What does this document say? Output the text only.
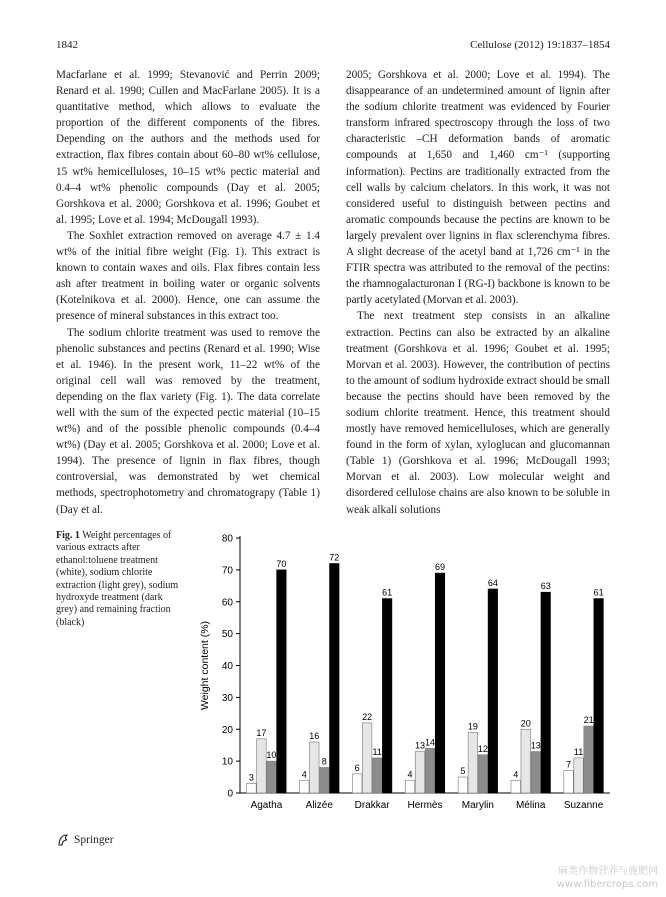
1842	Cellulose (2012) 19:1837–1854

Macfarlane et al. 1999; Stevanović and Perrin 2009; Renard et al. 1990; Cullen and MacFarlane 2005). It is a quantitative method, which allows to evaluate the proportion of the different components of the fibres. Depending on the authors and the methods used for extraction, flax fibres contain about 60–80 wt% cellulose, 15 wt% hemicelluloses, 10–15 wt% pectic material and 0.4–4 wt% phenolic compounds (Day et al. 2005; Gorshkova et al. 2000; Gorshkova et al. 1996; Goubet et al. 1995; Love et al. 1994; McDougall 1993).

The Soxhlet extraction removed on average 4.7 ± 1.4 wt% of the initial fibre weight (Fig. 1). This extract is known to contain waxes and oils. Flax fibres contain less ash after treatment in boiling water or organic solvents (Kotelnikova et al. 2000). Hence, one can assume the presence of mineral substances in this extract too.

The sodium chlorite treatment was used to remove the phenolic substances and pectins (Renard et al. 1990; Wise et al. 1946). In the present work, 11–22 wt% of the original cell wall was removed by the treatment, depending on the flax variety (Fig. 1). The data correlate well with the sum of the expected pectic material (10–15 wt%) and of the possible phenolic compounds (0.4–4 wt%) (Day et al. 2005; Gorshkova et al. 2000; Love et al. 1994). The presence of lignin in flax fibres, though controversial, was demonstrated by wet chemical methods, spectrophotometry and chromatograpy (Table 1) (Day et al.

2005; Gorshkova et al. 2000; Love et al. 1994). The disappearance of an undetermined amount of lignin after the sodium chlorite treatment was evidenced by Fourier transform infrared spectroscopy through the loss of two characteristic –CH deformation bands of aromatic compounds at 1,650 and 1,460 cm⁻¹ (supporting information). Pectins are traditionally extracted from the cell walls by calcium chelators. In this work, it was not considered useful to distinguish between pectins and aromatic compounds because the pectins are known to be largely prevalent over lignins in flax sclerenchyma fibres. A slight decrease of the acetyl band at 1,726 cm⁻¹ in the FTIR spectra was attributed to the removal of the pectins: the rhamnogalacturonan I (RG-I) backbone is known to be partly acetylated (Morvan et al. 2003).

The next treatment step consists in an alkaline extraction. Pectins can also be extracted by an alkaline treatment (Gorshkova et al. 1996; Goubet et al. 1995; Morvan et al. 2003). However, the contribution of pectins to the amount of sodium hydroxide extract should be small because the pectins should have been removed by the sodium chlorite treatment. Hence, this treatment should mostly have removed hemicelluloses, which are generally found in the form of xylan, xyloglucan and glucomannan (Table 1) (Gorshkova et al. 1996; McDougall 1993; Morvan et al. 2003). Low molecular weight and disordered cellulose chains are also known to be soluble in weak alkali solutions

Fig. 1 Weight percentages of various extracts after ethanol:toluene treatment (white), sodium chlorite extraction (light grey), sodium hydroxyde treatment (dark grey) and remaining fraction (black)
0
10
20
30
40
50
60
70
80
Weight content (%)
3
17
10
70
Agatha
4
16
8
72
Alizée
6
22
11
61
Drakkar
4
13 14
69
Hermès
5
19
12
64
Marylin
4
20
13
63
Mélina
7
11
21
61
Suzanne
Springer
麻类作物营养与施肥网
www.fibercrops.com
